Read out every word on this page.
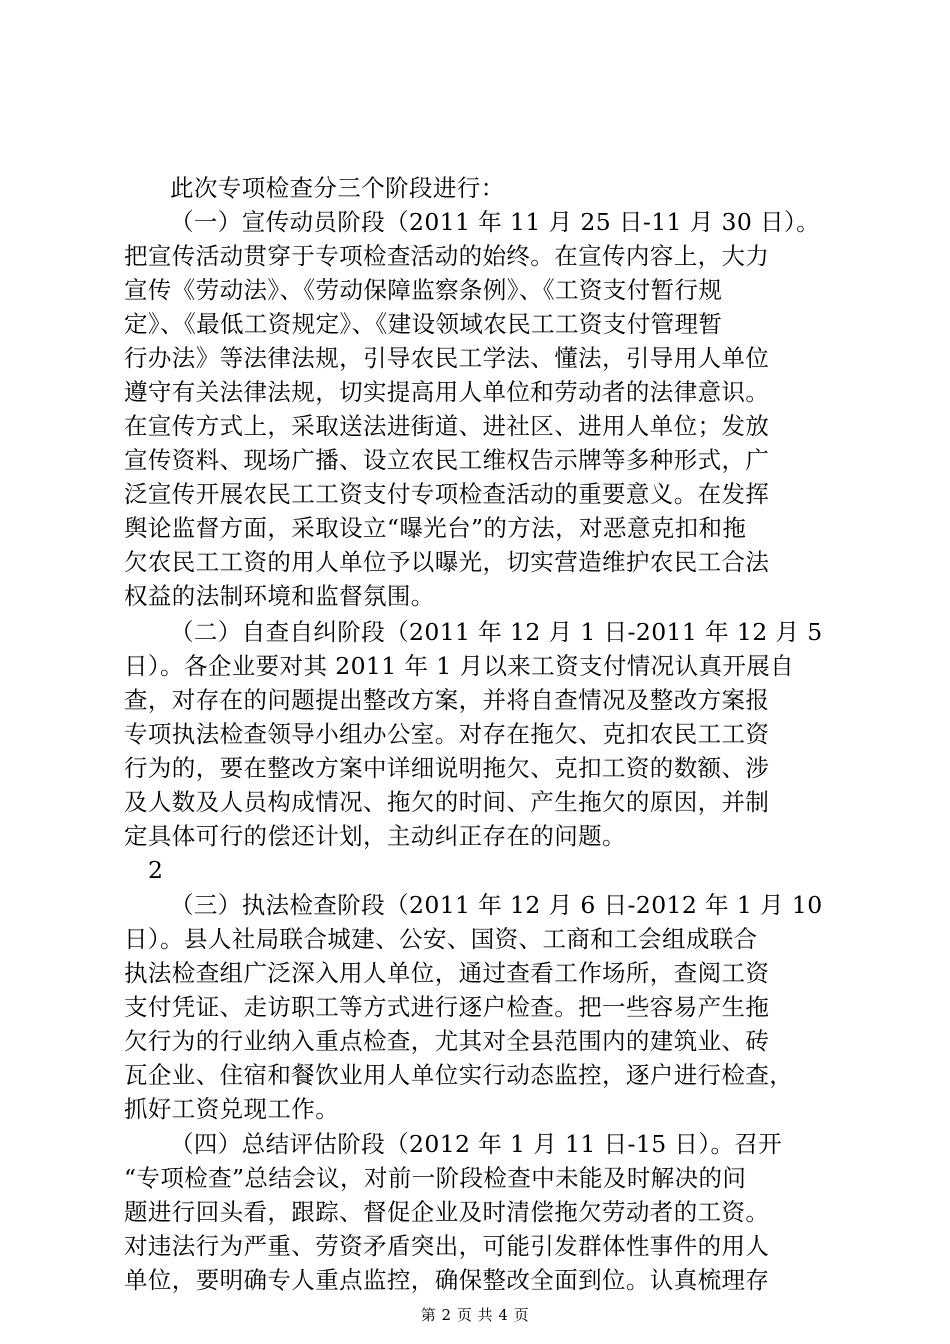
此次专项检查分三个阶段进行：
（一）宣传动员阶段（2011 年 11 月 25 日-11 月 30 日）。
把宣传活动贯穿于专项检查活动的始终。在宣传内容上，大力
宣传《劳动法》、《劳动保障监察条例》、《工资支付暂行规
定》、《最低工资规定》、《建设领域农民工工资支付管理暂
行办法》等法律法规，引导农民工学法、懂法，引导用人单位
遵守有关法律法规，切实提高用人单位和劳动者的法律意识。
在宣传方式上，采取送法进街道、进社区、进用人单位；发放
宣传资料、现场广播、设立农民工维权告示牌等多种形式，广
泛宣传开展农民工工资支付专项检查活动的重要意义。在发挥
舆论监督方面，采取设立“曝光台”的方法，对恶意克扣和拖
欠农民工工资的用人单位予以曝光，切实营造维护农民工合法
权益的法制环境和监督氛围。
（二）自查自纠阶段（2011 年 12 月 1 日-2011 年 12 月 5
日）。各企业要对其 2011 年 1 月以来工资支付情况认真开展自
查，对存在的问题提出整改方案，并将自查情况及整改方案报
专项执法检查领导小组办公室。对存在拖欠、克扣农民工工资
行为的，要在整改方案中详细说明拖欠、克扣工资的数额、涉
及人数及人员构成情况、拖欠的时间、产生拖欠的原因，并制
定具体可行的偿还计划，主动纠正存在的问题。
2
（三）执法检查阶段（2011 年 12 月 6 日-2012 年 1 月 10
日）。县人社局联合城建、公安、国资、工商和工会组成联合
执法检查组广泛深入用人单位，通过查看工作场所，查阅工资
支付凭证、走访职工等方式进行逐户检查。把一些容易产生拖
欠行为的行业纳入重点检查，尤其对全县范围内的建筑业、砖
瓦企业、住宿和餐饮业用人单位实行动态监控，逐户进行检查，
抓好工资兑现工作。
（四）总结评估阶段（2012 年 1 月 11 日-15 日）。召开
“专项检查”总结会议，对前一阶段检查中未能及时解决的问
题进行回头看，跟踪、督促企业及时清偿拖欠劳动者的工资。
对违法行为严重、劳资矛盾突出，可能引发群体性事件的用人
单位，要明确专人重点监控，确保整改全面到位。认真梳理存
第 2 页 共 4 页
